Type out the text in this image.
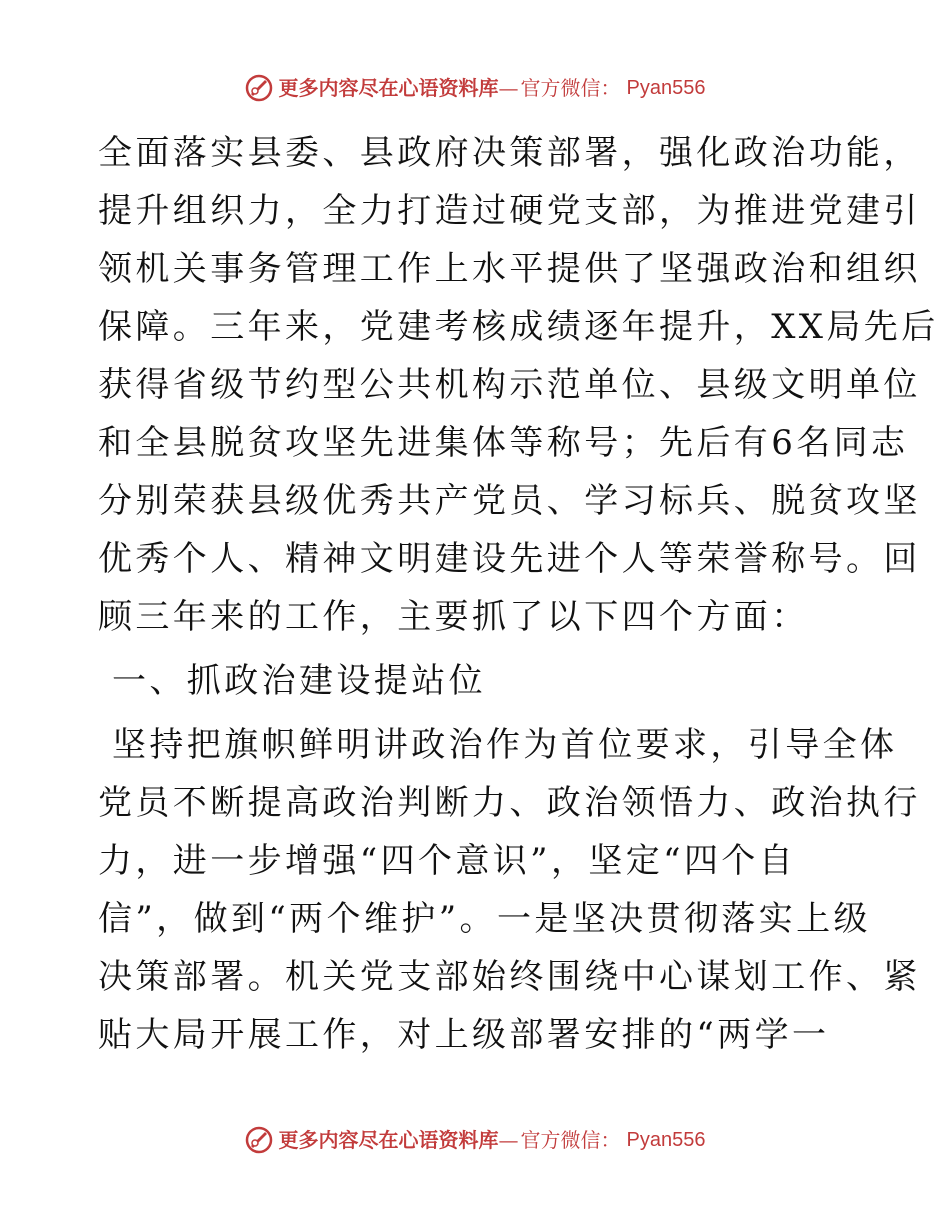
更多内容尽在心语资料库 — 官方微信： Pyan556
全面落实县委、县政府决策部署，强化政治功能，
提升组织力，全力打造过硬党支部，为推进党建引
领机关事务管理工作上水平提供了坚强政治和组织
保障。三年来，党建考核成绩逐年提升，XX局先后
获得省级节约型公共机构示范单位、县级文明单位
和全县脱贫攻坚先进集体等称号；先后有6名同志
分别荣获县级优秀共产党员、学习标兵、脱贫攻坚
优秀个人、精神文明建设先进个人等荣誉称号。回
顾三年来的工作，主要抓了以下四个方面：
一、抓政治建设提站位
坚持把旗帜鲜明讲政治作为首位要求，引导全体
党员不断提高政治判断力、政治领悟力、政治执行
力，进一步增强“四个意识”，坚定“四个自
信”，做到“两个维护”。一是坚决贯彻落实上级
决策部署。机关党支部始终围绕中心谋划工作、紧
贴大局开展工作，对上级部署安排的“两学一
更多内容尽在心语资料库 — 官方微信： Pyan556
